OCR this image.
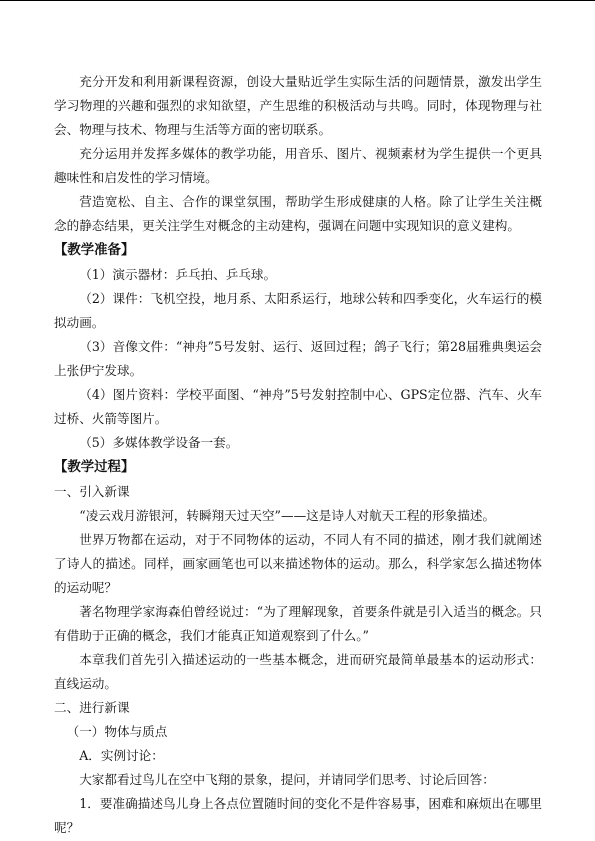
充分开发和利用新课程资源，创设大量贴近学生实际生活的问题情景，激发出学生学习物理的兴趣和强烈的求知欲望，产生思维的积极活动与共鸣。同时，体现物理与社会、物理与技术、物理与生活等方面的密切联系。

充分运用并发挥多媒体的教学功能，用音乐、图片、视频素材为学生提供一个更具趣味性和启发性的学习情境。

营造宽松、自主、合作的课堂氛围，帮助学生形成健康的人格。除了让学生关注概念的静态结果，更关注学生对概念的主动建构，强调在问题中实现知识的意义建构。

【教学准备】

（1）演示器材：乒乓拍、乒乓球。

（2）课件：飞机空投，地月系、太阳系运行，地球公转和四季变化，火车运行的模拟动画。

（3）音像文件：“神舟”5号发射、运行、返回过程；鸽子飞行；第28届雅典奥运会上张伊宁发球。

（4）图片资料：学校平面图、“神舟”5号发射控制中心、GPS定位器、汽车、火车过桥、火箭等图片。

（5）多媒体教学设备一套。

【教学过程】

一、引入新课

“凌云戏月游银河，转瞬翔天过天空”——这是诗人对航天工程的形象描述。

世界万物都在运动，对于不同物体的运动，不同人有不同的描述，刚才我们就阐述了诗人的描述。同样，画家画笔也可以来描述物体的运动。那么，科学家怎么描述物体的运动呢？

著名物理学家海森伯曾经说过：“为了理解现象，首要条件就是引入适当的概念。只有借助于正确的概念，我们才能真正知道观察到了什么。”

本章我们首先引入描述运动的一些基本概念，进而研究最简单最基本的运动形式：直线运动。

二、进行新课

（一）物体与质点

A．实例讨论：

大家都看过鸟儿在空中飞翔的景象，提问，并请同学们思考、讨论后回答：

1．要准确描述鸟儿身上各点位置随时间的变化不是件容易事，困难和麻烦出在哪里呢？
